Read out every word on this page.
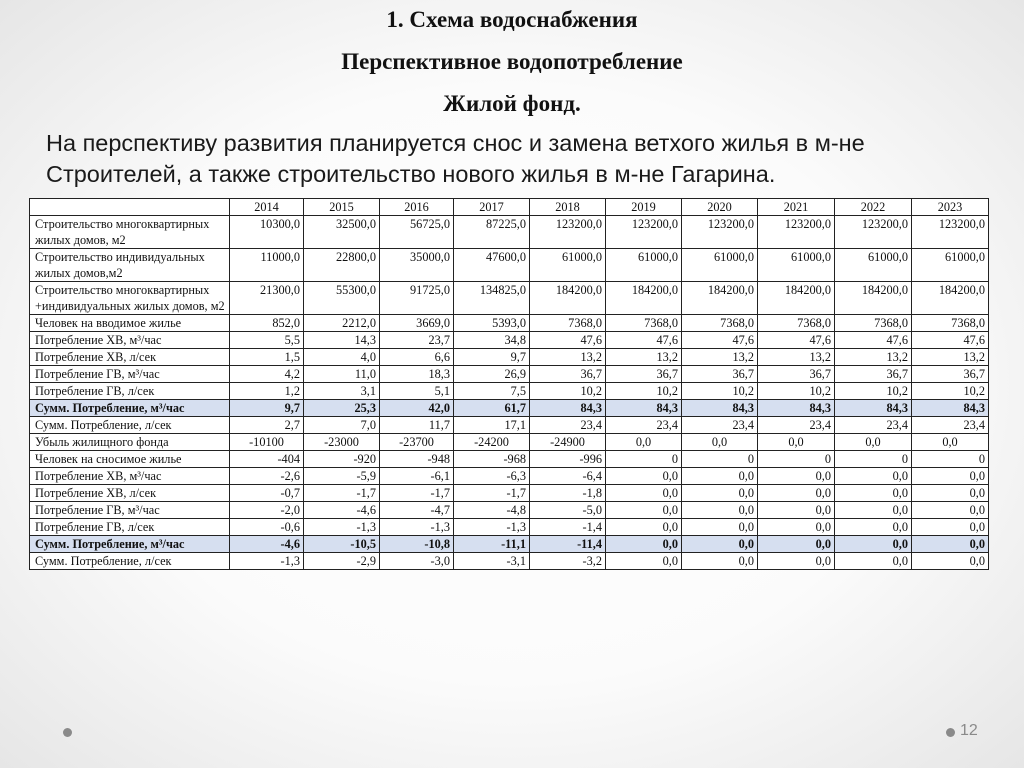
1. Схема водоснабжения
Перспективное водопотребление
Жилой фонд.
На перспективу развития планируется снос и замена ветхого жилья в м-не Строителей, а также строительство нового жилья в м-не Гагарина.
	2014	2015	2016	2017	2018	2019	2020	2021	2022	2023
Строительство многоквартирных жилых домов, м2	10300,0	32500,0	56725,0	87225,0	123200,0	123200,0	123200,0	123200,0	123200,0	123200,0
Строительство индивидуальных жилых домов,м2	11000,0	22800,0	35000,0	47600,0	61000,0	61000,0	61000,0	61000,0	61000,0	61000,0
Строительство многоквартирных +индивидуальных жилых домов, м2	21300,0	55300,0	91725,0	134825,0	184200,0	184200,0	184200,0	184200,0	184200,0	184200,0
Человек на вводимое жилье	852,0	2212,0	3669,0	5393,0	7368,0	7368,0	7368,0	7368,0	7368,0	7368,0
Потребление ХВ, м³/час	5,5	14,3	23,7	34,8	47,6	47,6	47,6	47,6	47,6	47,6
Потребление ХВ, л/сек	1,5	4,0	6,6	9,7	13,2	13,2	13,2	13,2	13,2	13,2
Потребление ГВ, м³/час	4,2	11,0	18,3	26,9	36,7	36,7	36,7	36,7	36,7	36,7
Потребление ГВ, л/сек	1,2	3,1	5,1	7,5	10,2	10,2	10,2	10,2	10,2	10,2
Сумм. Потребление, м³/час	9,7	25,3	42,0	61,7	84,3	84,3	84,3	84,3	84,3	84,3
Сумм. Потребление, л/сек	2,7	7,0	11,7	17,1	23,4	23,4	23,4	23,4	23,4	23,4
Убыль жилищного фонда	-10100	-23000	-23700	-24200	-24900	0,0	0,0	0,0	0,0	0,0
Человек на сносимое жилье	-404	-920	-948	-968	-996	0	0	0	0	0
Потребление ХВ, м³/час	-2,6	-5,9	-6,1	-6,3	-6,4	0,0	0,0	0,0	0,0	0,0
Потребление ХВ, л/сек	-0,7	-1,7	-1,7	-1,7	-1,8	0,0	0,0	0,0	0,0	0,0
Потребление ГВ, м³/час	-2,0	-4,6	-4,7	-4,8	-5,0	0,0	0,0	0,0	0,0	0,0
Потребление ГВ, л/сек	-0,6	-1,3	-1,3	-1,3	-1,4	0,0	0,0	0,0	0,0	0,0
Сумм. Потребление, м³/час	-4,6	-10,5	-10,8	-11,1	-11,4	0,0	0,0	0,0	0,0	0,0
Сумм. Потребление, л/сек	-1,3	-2,9	-3,0	-3,1	-3,2	0,0	0,0	0,0	0,0	0,0
12
